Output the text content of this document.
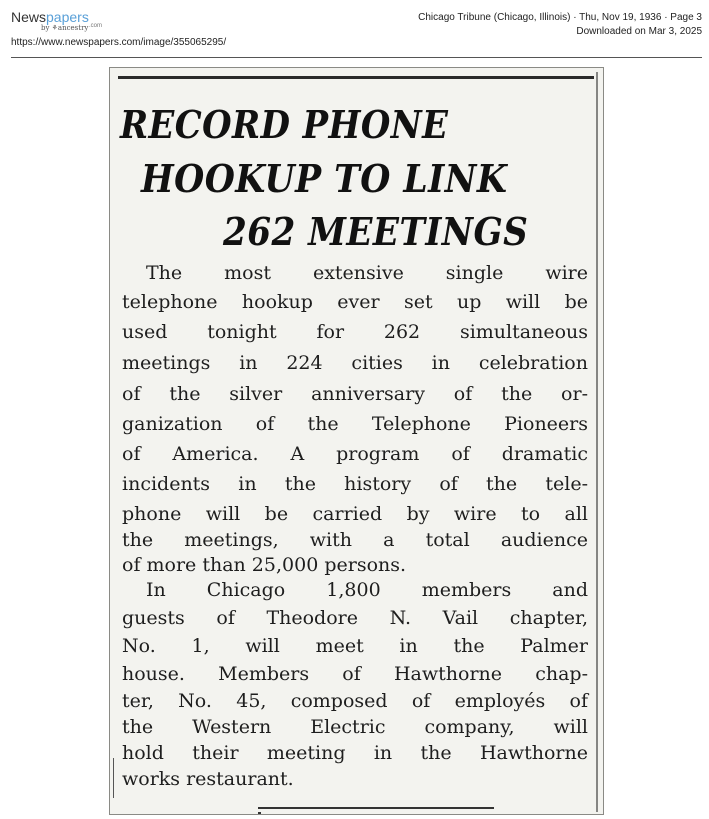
Newspapers
.com
by ⚘ancestry
https://www.newspapers.com/image/355065295/
Chicago Tribune (Chicago, Illinois) · Thu, Nov 19, 1936 · Page 3
Downloaded on Mar 3, 2025
RECORD PHONE
HOOKUP TO LINK
262 MEETINGS
The most extensive single wire
telephone hookup ever set up will be
used tonight for 262 simultaneous
meetings in 224 cities in celebration
of the silver anniversary of the or-
ganization of the Telephone Pioneers
of America. A program of dramatic
incidents in the history of the tele-
phone will be carried by wire to all
the meetings, with a total audience
of more than 25,000 persons.
In Chicago 1,800 members and
guests of Theodore N. Vail chapter,
No. 1, will meet in the Palmer
house. Members of Hawthorne chap-
ter, No. 45, composed of employés of
the Western Electric company, will
hold their meeting in the Hawthorne
works restaurant.
